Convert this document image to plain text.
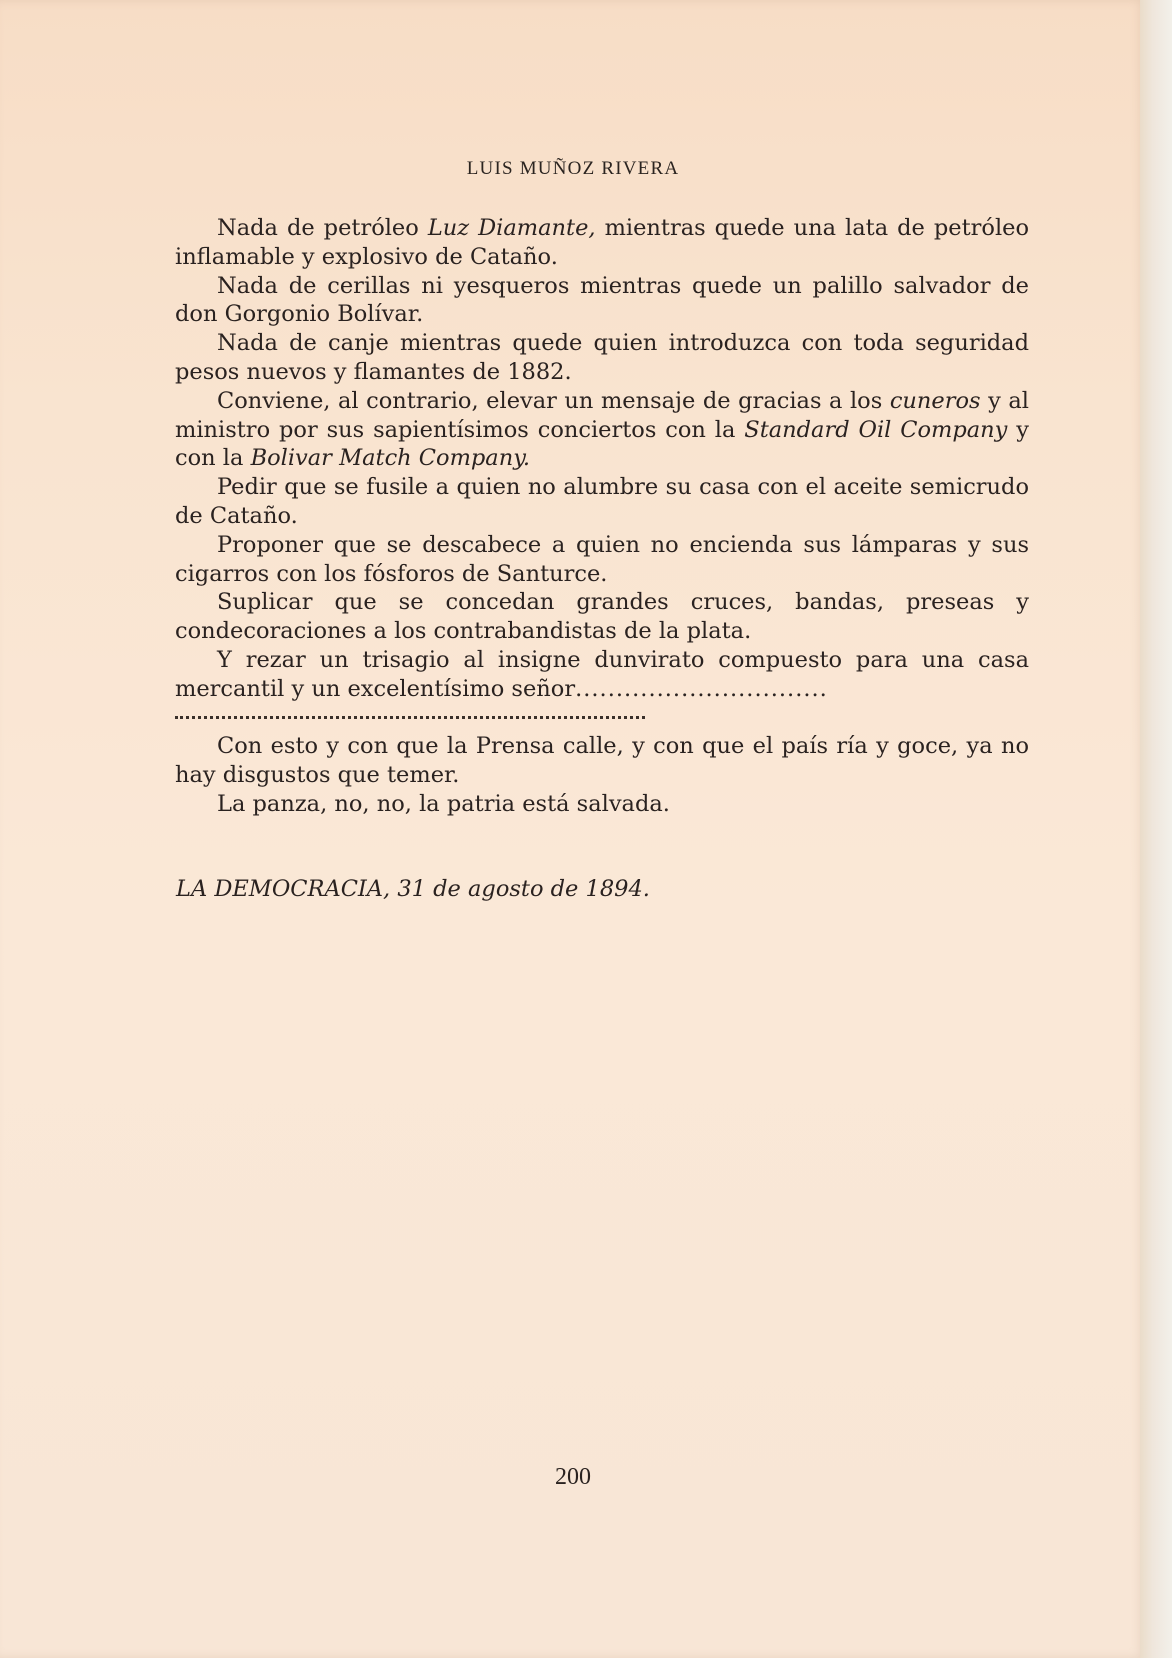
LUIS MUÑOZ RIVERA

Nada de petróleo Luz Diamante, mientras quede una lata de petróleo inflamable y explosivo de Cataño.

Nada de cerillas ni yesqueros mientras quede un palillo salvador de don Gorgonio Bolívar.

Nada de canje mientras quede quien introduzca con toda seguridad pesos nuevos y flamantes de 1882.

Conviene, al contrario, elevar un mensaje de gracias a los cuneros y al ministro por sus sapientísimos conciertos con la Standard Oil Company y con la Bolivar Match Company.

Pedir que se fusile a quien no alumbre su casa con el aceite semicrudo de Cataño.

Proponer que se descabece a quien no encienda sus lámparas y sus cigarros con los fósforos de Santurce.

Suplicar que se concedan grandes cruces, bandas, preseas y condecoraciones a los contrabandistas de la plata.

Y rezar un trisagio al insigne dunvirato compuesto para una casa mercantil y un excelentísimo señor...............................

Con esto y con que la Prensa calle, y con que el país ría y goce, ya no hay disgustos que temer.

La panza, no, no, la patria está salvada.

LA DEMOCRACIA, 31 de agosto de 1894.
200
